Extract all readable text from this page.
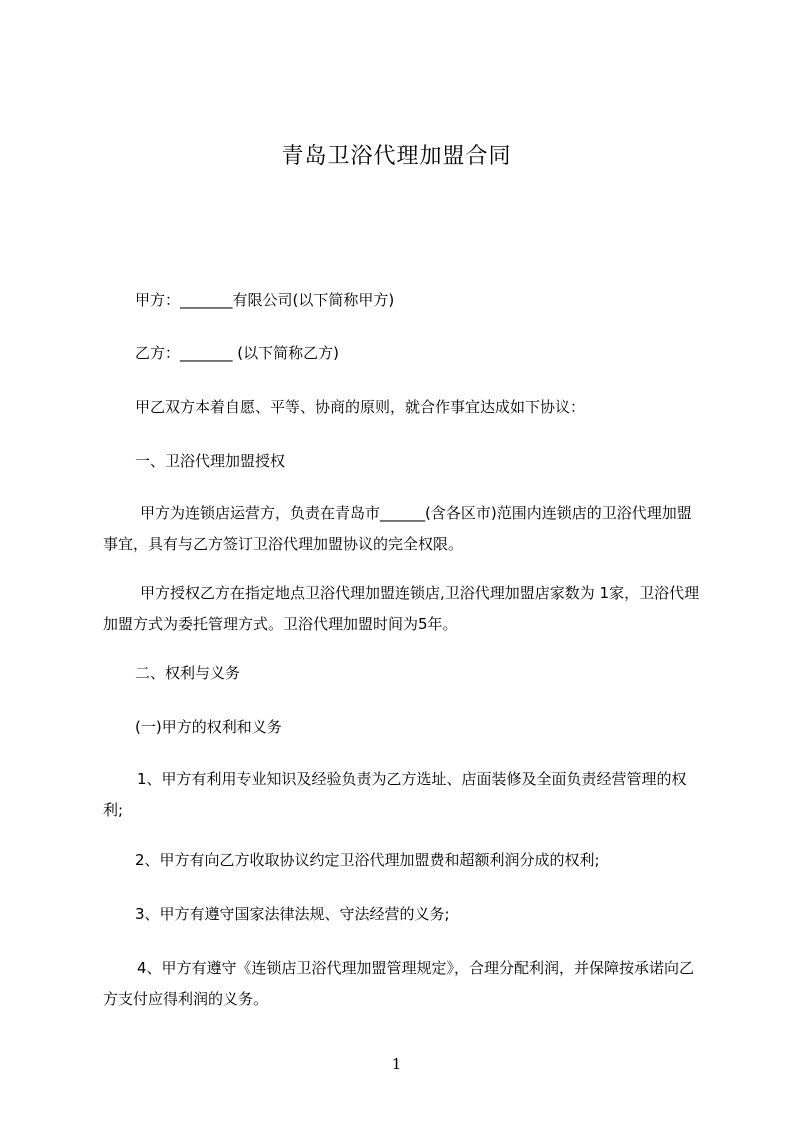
青岛卫浴代理加盟合同
甲方：_______有限公司(以下简称甲方)
乙方：_______ (以下简称乙方)
甲乙双方本着自愿、平等、协商的原则，就合作事宜达成如下协议：
一、卫浴代理加盟授权
甲方为连锁店运营方，负责在青岛市______(含各区市)范围内连锁店的卫浴代理加盟事宜，具有与乙方签订卫浴代理加盟协议的完全权限。
甲方授权乙方在指定地点卫浴代理加盟连锁店,卫浴代理加盟店家数为 1家，卫浴代理加盟方式为委托管理方式。卫浴代理加盟时间为5年。
二、权利与义务
(一)甲方的权利和义务
1、甲方有利用专业知识及经验负责为乙方选址、店面装修及全面负责经营管理的权利;
2、甲方有向乙方收取协议约定卫浴代理加盟费和超额利润分成的权利;
3、甲方有遵守国家法律法规、守法经营的义务;
4、甲方有遵守《连锁店卫浴代理加盟管理规定》，合理分配利润，并保障按承诺向乙方支付应得利润的义务。
1
